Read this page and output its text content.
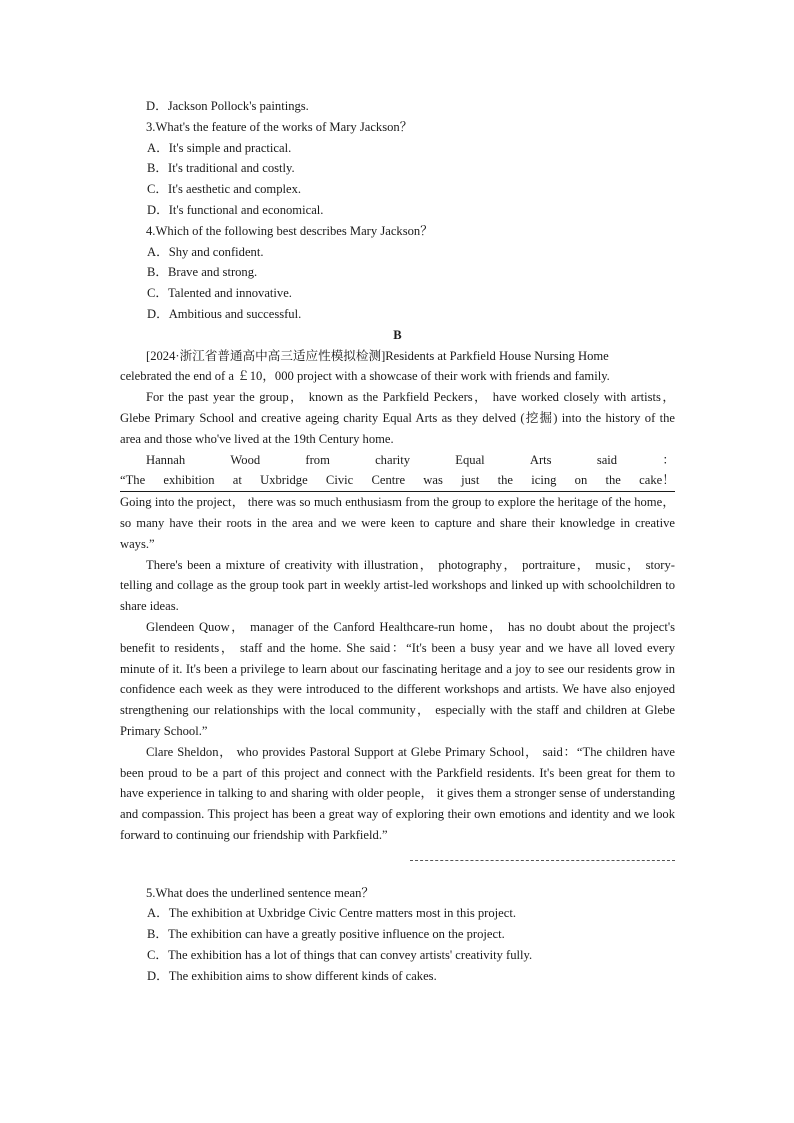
D．Jackson Pollock's paintings.
3.What's the feature of the works of Mary Jackson？
A．It's simple and practical.
B．It's traditional and costly.
C．It's aesthetic and complex.
D．It's functional and economical.
4.Which of the following best describes Mary Jackson？
A．Shy and confident.
B．Brave and strong.
C．Talented and innovative.
D．Ambitious and successful.
B
[2024·浙江省普通高中高三适应性模拟检测]Residents at Parkfield House Nursing Home
celebrated the end of a ￡10，000 project with a showcase of their work with friends and family.

For the past year the group， known as the Parkfield Peckers， have worked closely with artists， Glebe Primary School and creative ageing charity Equal Arts as they delved (挖掘) into the history of the area and those who've lived at the 19th Century home.

Hannah	Wood	from	charity	Equal	Arts	said	：
“The exhibition at Uxbridge Civic Centre was just the icing on the cake！

Going into the project， there was so much enthusiasm from the group to explore the heritage of the home， so many have their roots in the area and we were keen to capture and share their knowledge in creative ways.”

There's been a mixture of creativity with illustration， photography， portraiture， music， story-telling and collage as the group took part in weekly artist-led workshops and linked up with schoolchildren to share ideas.

Glendeen Quow， manager of the Canford Healthcare-run home， has no doubt about the project's benefit to residents， staff and the home. She said：“It's been a busy year and we have all loved every minute of it. It's been a privilege to learn about our fascinating heritage and a joy to see our residents grow in confidence each week as they were introduced to the different workshops and artists. We have also enjoyed strengthening our relationships with the local community， especially with the staff and children at Glebe Primary School.”

Clare Sheldon， who provides Pastoral Support at Glebe Primary School， said：“The children have been proud to be a part of this project and connect with the Parkfield residents. It's been great for them to have experience in talking to and sharing with older people， it gives them a stronger sense of understanding and compassion. This project has been a great way of exploring their own emotions and identity and we look forward to continuing our friendship with Parkfield.”

5.What does the underlined sentence mean？
A．The exhibition at Uxbridge Civic Centre matters most in this project.
B．The exhibition can have a greatly positive influence on the project.
C．The exhibition has a lot of things that can convey artists' creativity fully.
D．The exhibition aims to show different kinds of cakes.
